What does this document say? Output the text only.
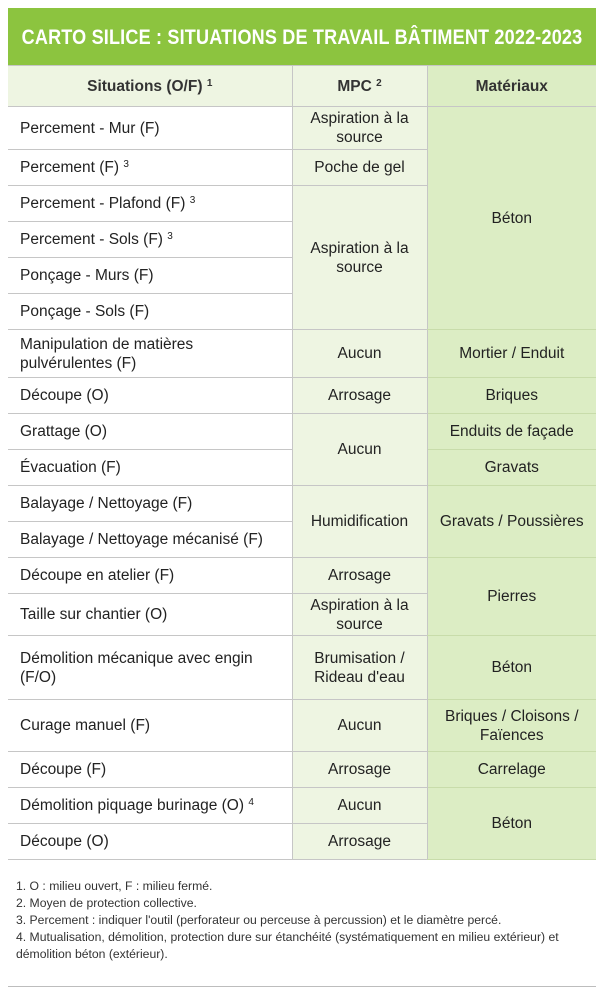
CARTO SILICE : SITUATIONS DE TRAVAIL BÂTIMENT 2022-2023
Situations (O/F) $^1$	MPC $^2$	Matériaux
Percement - Mur (F)	Aspiration à la source	Béton
Percement (F) $^3$	Poche de gel	
Percement - Plafond (F) $^3$	Aspiration à la source	
Percement - Sols (F) $^3$
Ponçage - Murs (F)		
Ponçage - Sols (F)		
Manipulation de matières pulvérulentes (F)	Aucun	Mortier / Enduit
Découpe (O)	Arrosage	Briques
Grattage (O)	Aucun	Enduits de façade
Évacuation (F)		Gravats
Balayage / Nettoyage (F)	Humidification	Gravats / Poussières
Balayage / Nettoyage mécanisé (F)		
Découpe en atelier (F)	Arrosage	Pierres
Taille sur chantier (O)	Aspiration à la source	
Démolition mécanique avec engin (F/O)	Brumisation / Rideau d'eau	Béton
Curage manuel (F)	Aucun	Briques / Cloisons / Faïences
Découpe (F)	Arrosage	Carrelage
Démolition piquage burinage (O) $^4$	Aucun	Béton
Découpe (O)	Arrosage	
1. O : milieu ouvert, F : milieu fermé.
2. Moyen de protection collective.
3. Percement : indiquer l'outil (perforateur ou perceuse à percussion) et le diamètre percé.
4. Mutualisation, démolition, protection dure sur étanchéité (systématiquement en milieu extérieur) et démolition béton (extérieur).
